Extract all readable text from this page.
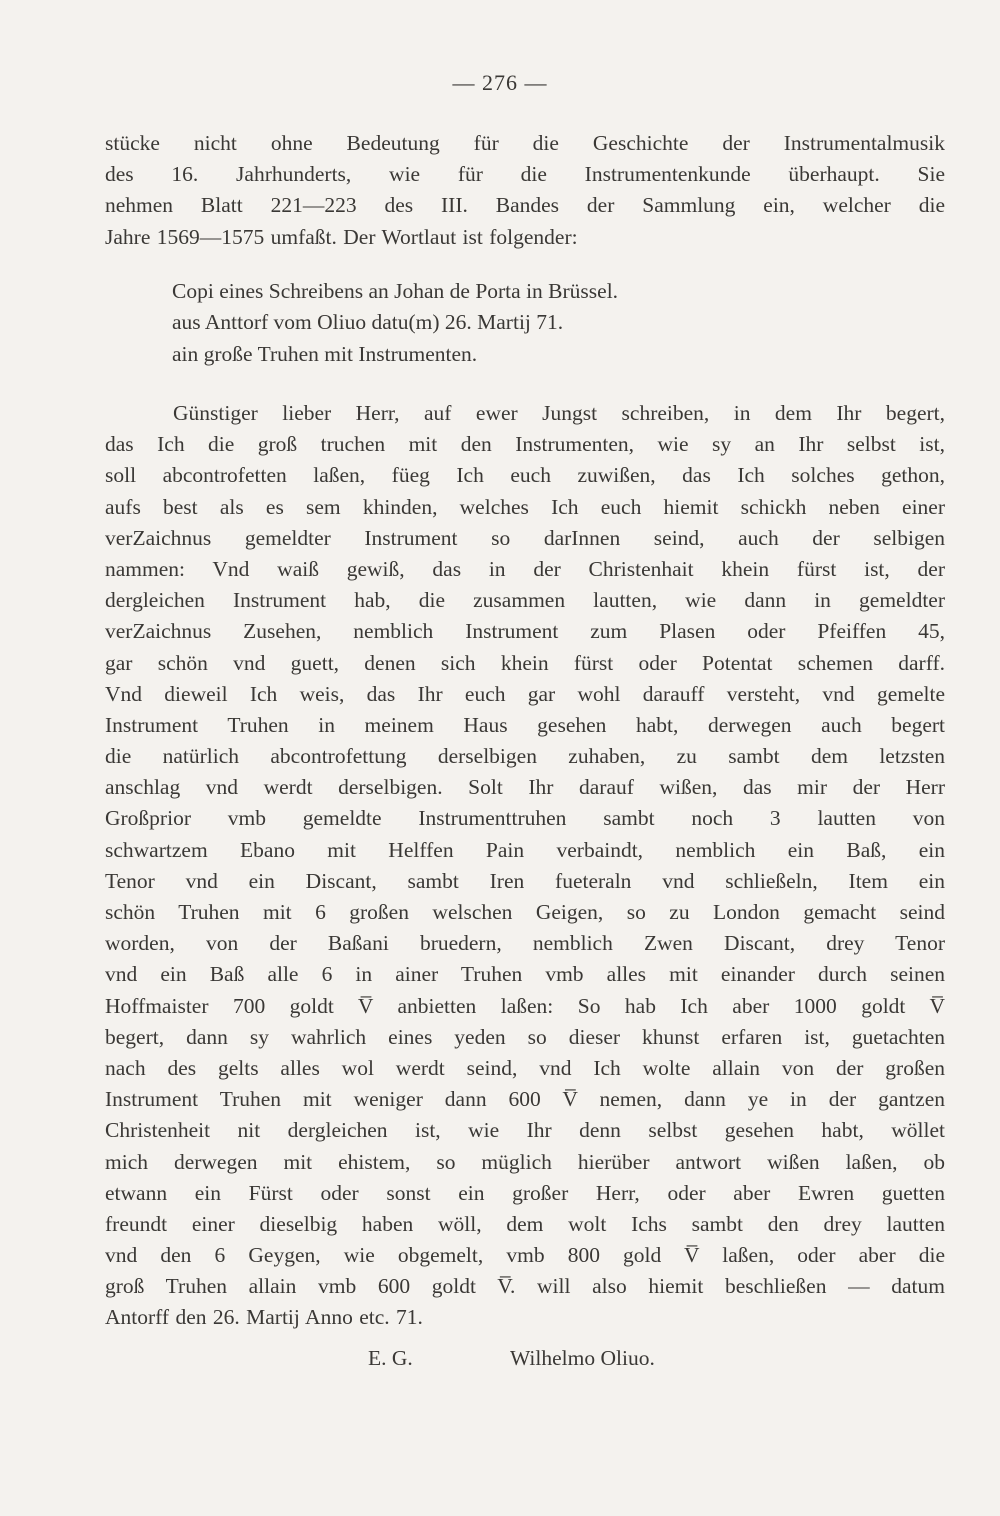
— 276 —
stücke nicht ohne Bedeutung für die Geschichte der Instrumentalmusik
des 16. Jahrhunderts, wie für die Instrumentenkunde überhaupt. Sie
nehmen Blatt 221—223 des III. Bandes der Sammlung ein, welcher die
Jahre 1569—1575 umfaßt. Der Wortlaut ist folgender:
Copi eines Schreibens an Johan de Porta in Brüssel.
aus Anttorf vom Oliuo datu(m) 26. Martij 71.
ain große Truhen mit Instrumenten.
Günstiger lieber Herr, auf ewer Jungst schreiben, in dem Ihr begert,
das Ich die groß truchen mit den Instrumenten, wie sy an Ihr selbst ist,
soll abcontrofetten laßen, füeg Ich euch zuwißen, das Ich solches gethon,
aufs best als es sem khinden, welches Ich euch hiemit schickh neben einer
verZaichnus gemeldter Instrument so darInnen seind, auch der selbigen
nammen: Vnd waiß gewiß, das in der Christenhait khein fürst ist, der
dergleichen Instrument hab, die zusammen lautten, wie dann in gemeldter
verZaichnus Zusehen, nemblich Instrument zum Plasen oder Pfeiffen 45,
gar schön vnd guett, denen sich khein fürst oder Potentat schemen darff.
Vnd dieweil Ich weis, das Ihr euch gar wohl darauff versteht, vnd gemelte
Instrument Truhen in meinem Haus gesehen habt, derwegen auch begert
die natürlich abcontrofettung derselbigen zuhaben, zu sambt dem letzsten
anschlag vnd werdt derselbigen. Solt Ihr darauf wißen, das mir der Herr
Großprior vmb gemeldte Instrumenttruhen sambt noch 3 lautten von
schwartzem Ebano mit Helffen Pain verbaindt, nemblich ein Baß, ein
Tenor vnd ein Discant, sambt Iren fueteraln vnd schließeln, Item ein
schön Truhen mit 6 großen welschen Geigen, so zu London gemacht seind
worden, von der Baßani bruedern, nemblich Zwen Discant, drey Tenor
vnd ein Baß alle 6 in ainer Truhen vmb alles mit einander durch seinen
Hoffmaister 700 goldt V̅ anbietten laßen: So hab Ich aber 1000 goldt V̅
begert, dann sy wahrlich eines yeden so dieser khunst erfaren ist, guetachten
nach des gelts alles wol werdt seind, vnd Ich wolte allain von der großen
Instrument Truhen mit weniger dann 600 V̅ nemen, dann ye in der gantzen
Christenheit nit dergleichen ist, wie Ihr denn selbst gesehen habt, wöllet
mich derwegen mit ehistem, so müglich hierüber antwort wißen laßen, ob
etwann ein Fürst oder sonst ein großer Herr, oder aber Ewren guetten
freundt einer dieselbig haben wöll, dem wolt Ichs sambt den drey lautten
vnd den 6 Geygen, wie obgemelt, vmb 800 gold V̅ laßen, oder aber die
groß Truhen allain vmb 600 goldt V̅. will also hiemit beschließen — datum
Antorff den 26. Martij Anno etc. 71.
E. G.	Wilhelmo Oliuo.
